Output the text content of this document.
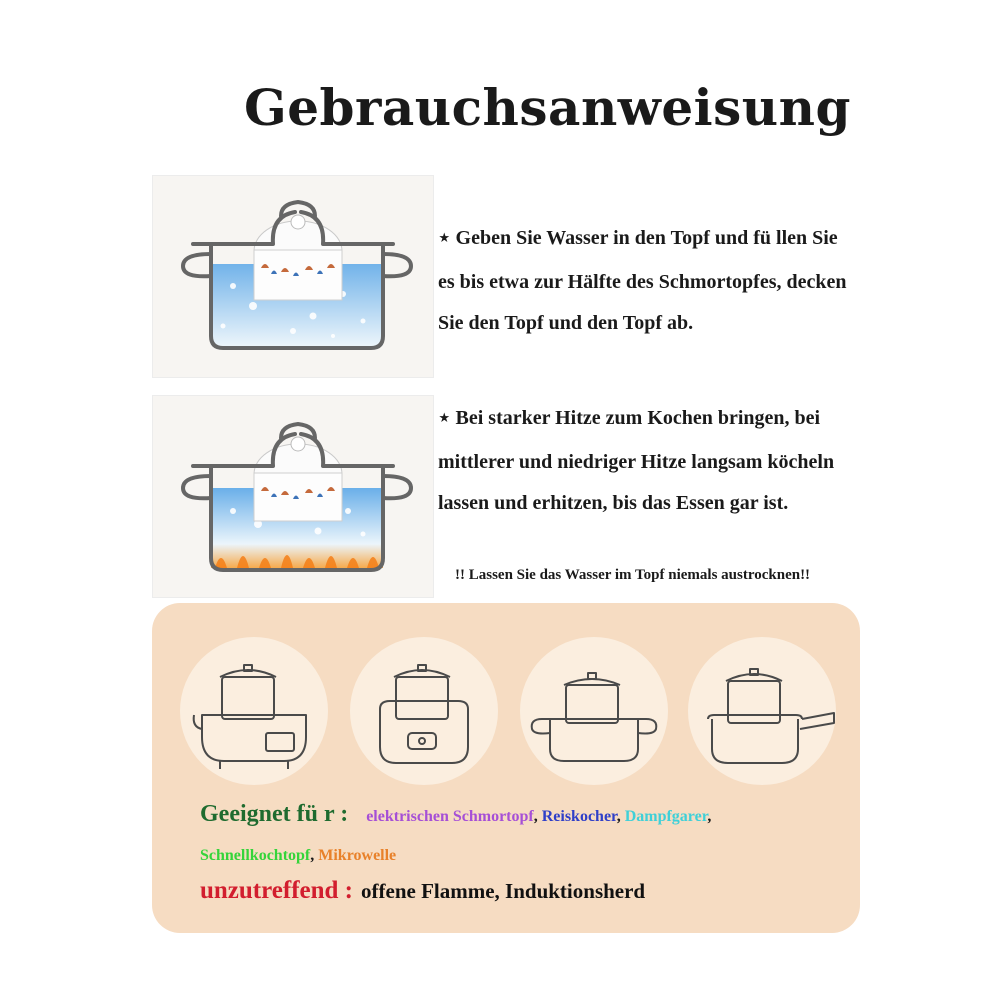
Gebrauchsanweisung
⋆ Geben Sie Wasser in den Topf und fü llen Sie
es bis etwa zur Hälfte des Schmortopfes, decken
Sie den Topf und den Topf ab.
⋆ Bei starker Hitze zum Kochen bringen, bei
mittlerer und niedriger Hitze langsam kӧcheln
lassen und erhitzen, bis das Essen gar ist.
!! Lassen Sie das Wasser im Topf niemals austrocknen!!
Geeignet fü r : elektrischen Schmortopf, Reiskocher, Dampfgarer,
Schnellkochtopf, Mikrowelle
unzutreffend : offene Flamme, Induktionsherd
